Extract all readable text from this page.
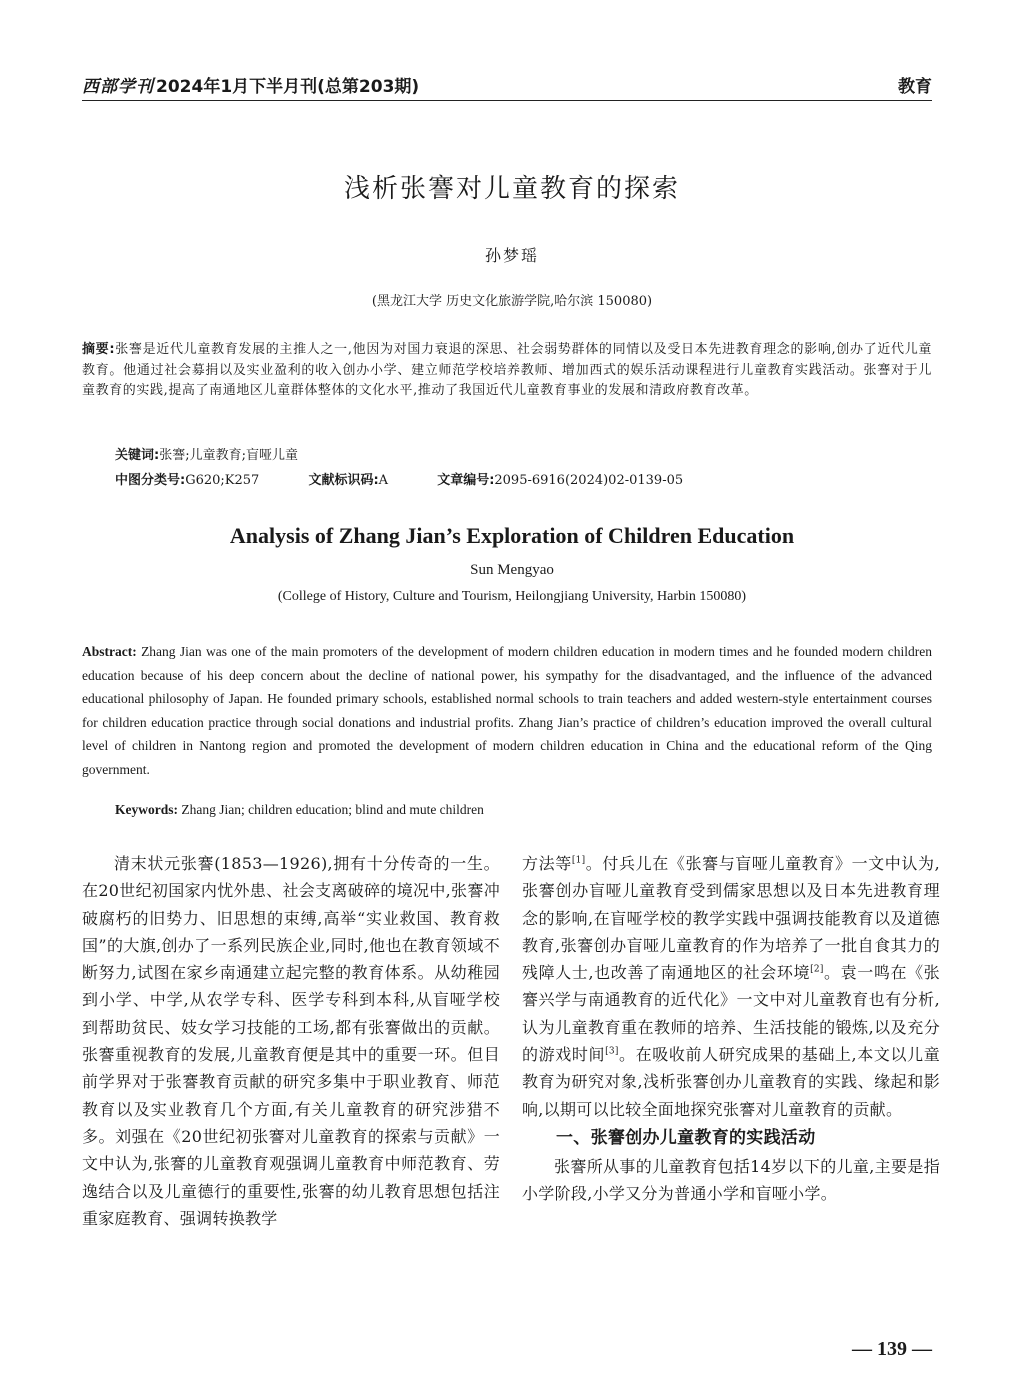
西部学刊 2024年1月下半月刊(总第203期)	教育
浅析张謇对儿童教育的探索
孙梦瑶
(黑龙江大学 历史文化旅游学院,哈尔滨 150080)
摘要:张謇是近代儿童教育发展的主推人之一,他因为对国力衰退的深思、社会弱势群体的同情以及受日本先进教育理念的影响,创办了近代儿童教育。他通过社会募捐以及实业盈利的收入创办小学、建立师范学校培养教师、增加西式的娱乐活动课程进行儿童教育实践活动。张謇对于儿童教育的实践,提高了南通地区儿童群体整体的文化水平,推动了我国近代儿童教育事业的发展和清政府教育改革。
关键词:张謇;儿童教育;盲哑儿童
中图分类号:G620;K257	文献标识码:A	文章编号:2095-6916(2024)02-0139-05
Analysis of Zhang Jian’s Exploration of Children Education
Sun Mengyao
(College of History, Culture and Tourism, Heilongjiang University, Harbin 150080)
Abstract: Zhang Jian was one of the main promoters of the development of modern children education in modern times and he founded modern children education because of his deep concern about the decline of national power, his sympathy for the disadvantaged, and the influence of the advanced educational philosophy of Japan. He founded primary schools, established normal schools to train teachers and added western-style entertainment courses for children education practice through social donations and industrial profits. Zhang Jian’s practice of children’s education improved the overall cultural level of children in Nantong region and promoted the development of modern children education in China and the educational reform of the Qing government.
Keywords: Zhang Jian; children education; blind and mute children

清末状元张謇(1853—1926),拥有十分传奇的一生。在20世纪初国家内忧外患、社会支离破碎的境况中,张謇冲破腐朽的旧势力、旧思想的束缚,高举“实业救国、教育救国”的大旗,创办了一系列民族企业,同时,他也在教育领域不断努力,试图在家乡南通建立起完整的教育体系。从幼稚园到小学、中学,从农学专科、医学专科到本科,从盲哑学校到帮助贫民、妓女学习技能的工场,都有张謇做出的贡献。张謇重视教育的发展,儿童教育便是其中的重要一环。但目前学界对于张謇教育贡献的研究多集中于职业教育、师范教育以及实业教育几个方面,有关儿童教育的研究涉猎不多。刘强在《20世纪初张謇对儿童教育的探索与贡献》一文中认为,张謇的儿童教育观强调儿童教育中师范教育、劳逸结合以及儿童德行的重要性,张謇的幼儿教育思想包括注重家庭教育、强调转换教学

方法等[1]。付兵儿在《张謇与盲哑儿童教育》一文中认为,张謇创办盲哑儿童教育受到儒家思想以及日本先进教育理念的影响,在盲哑学校的教学实践中强调技能教育以及道德教育,张謇创办盲哑儿童教育的作为培养了一批自食其力的残障人士,也改善了南通地区的社会环境[2]。袁一鸣在《张謇兴学与南通教育的近代化》一文中对儿童教育也有分析,认为儿童教育重在教师的培养、生活技能的锻炼,以及充分的游戏时间[3]。在吸收前人研究成果的基础上,本文以儿童教育为研究对象,浅析张謇创办儿童教育的实践、缘起和影响,以期可以比较全面地探究张謇对儿童教育的贡献。

一、张謇创办儿童教育的实践活动

张謇所从事的儿童教育包括14岁以下的儿童,主要是指小学阶段,小学又分为普通小学和盲哑小学。

— 139 —
